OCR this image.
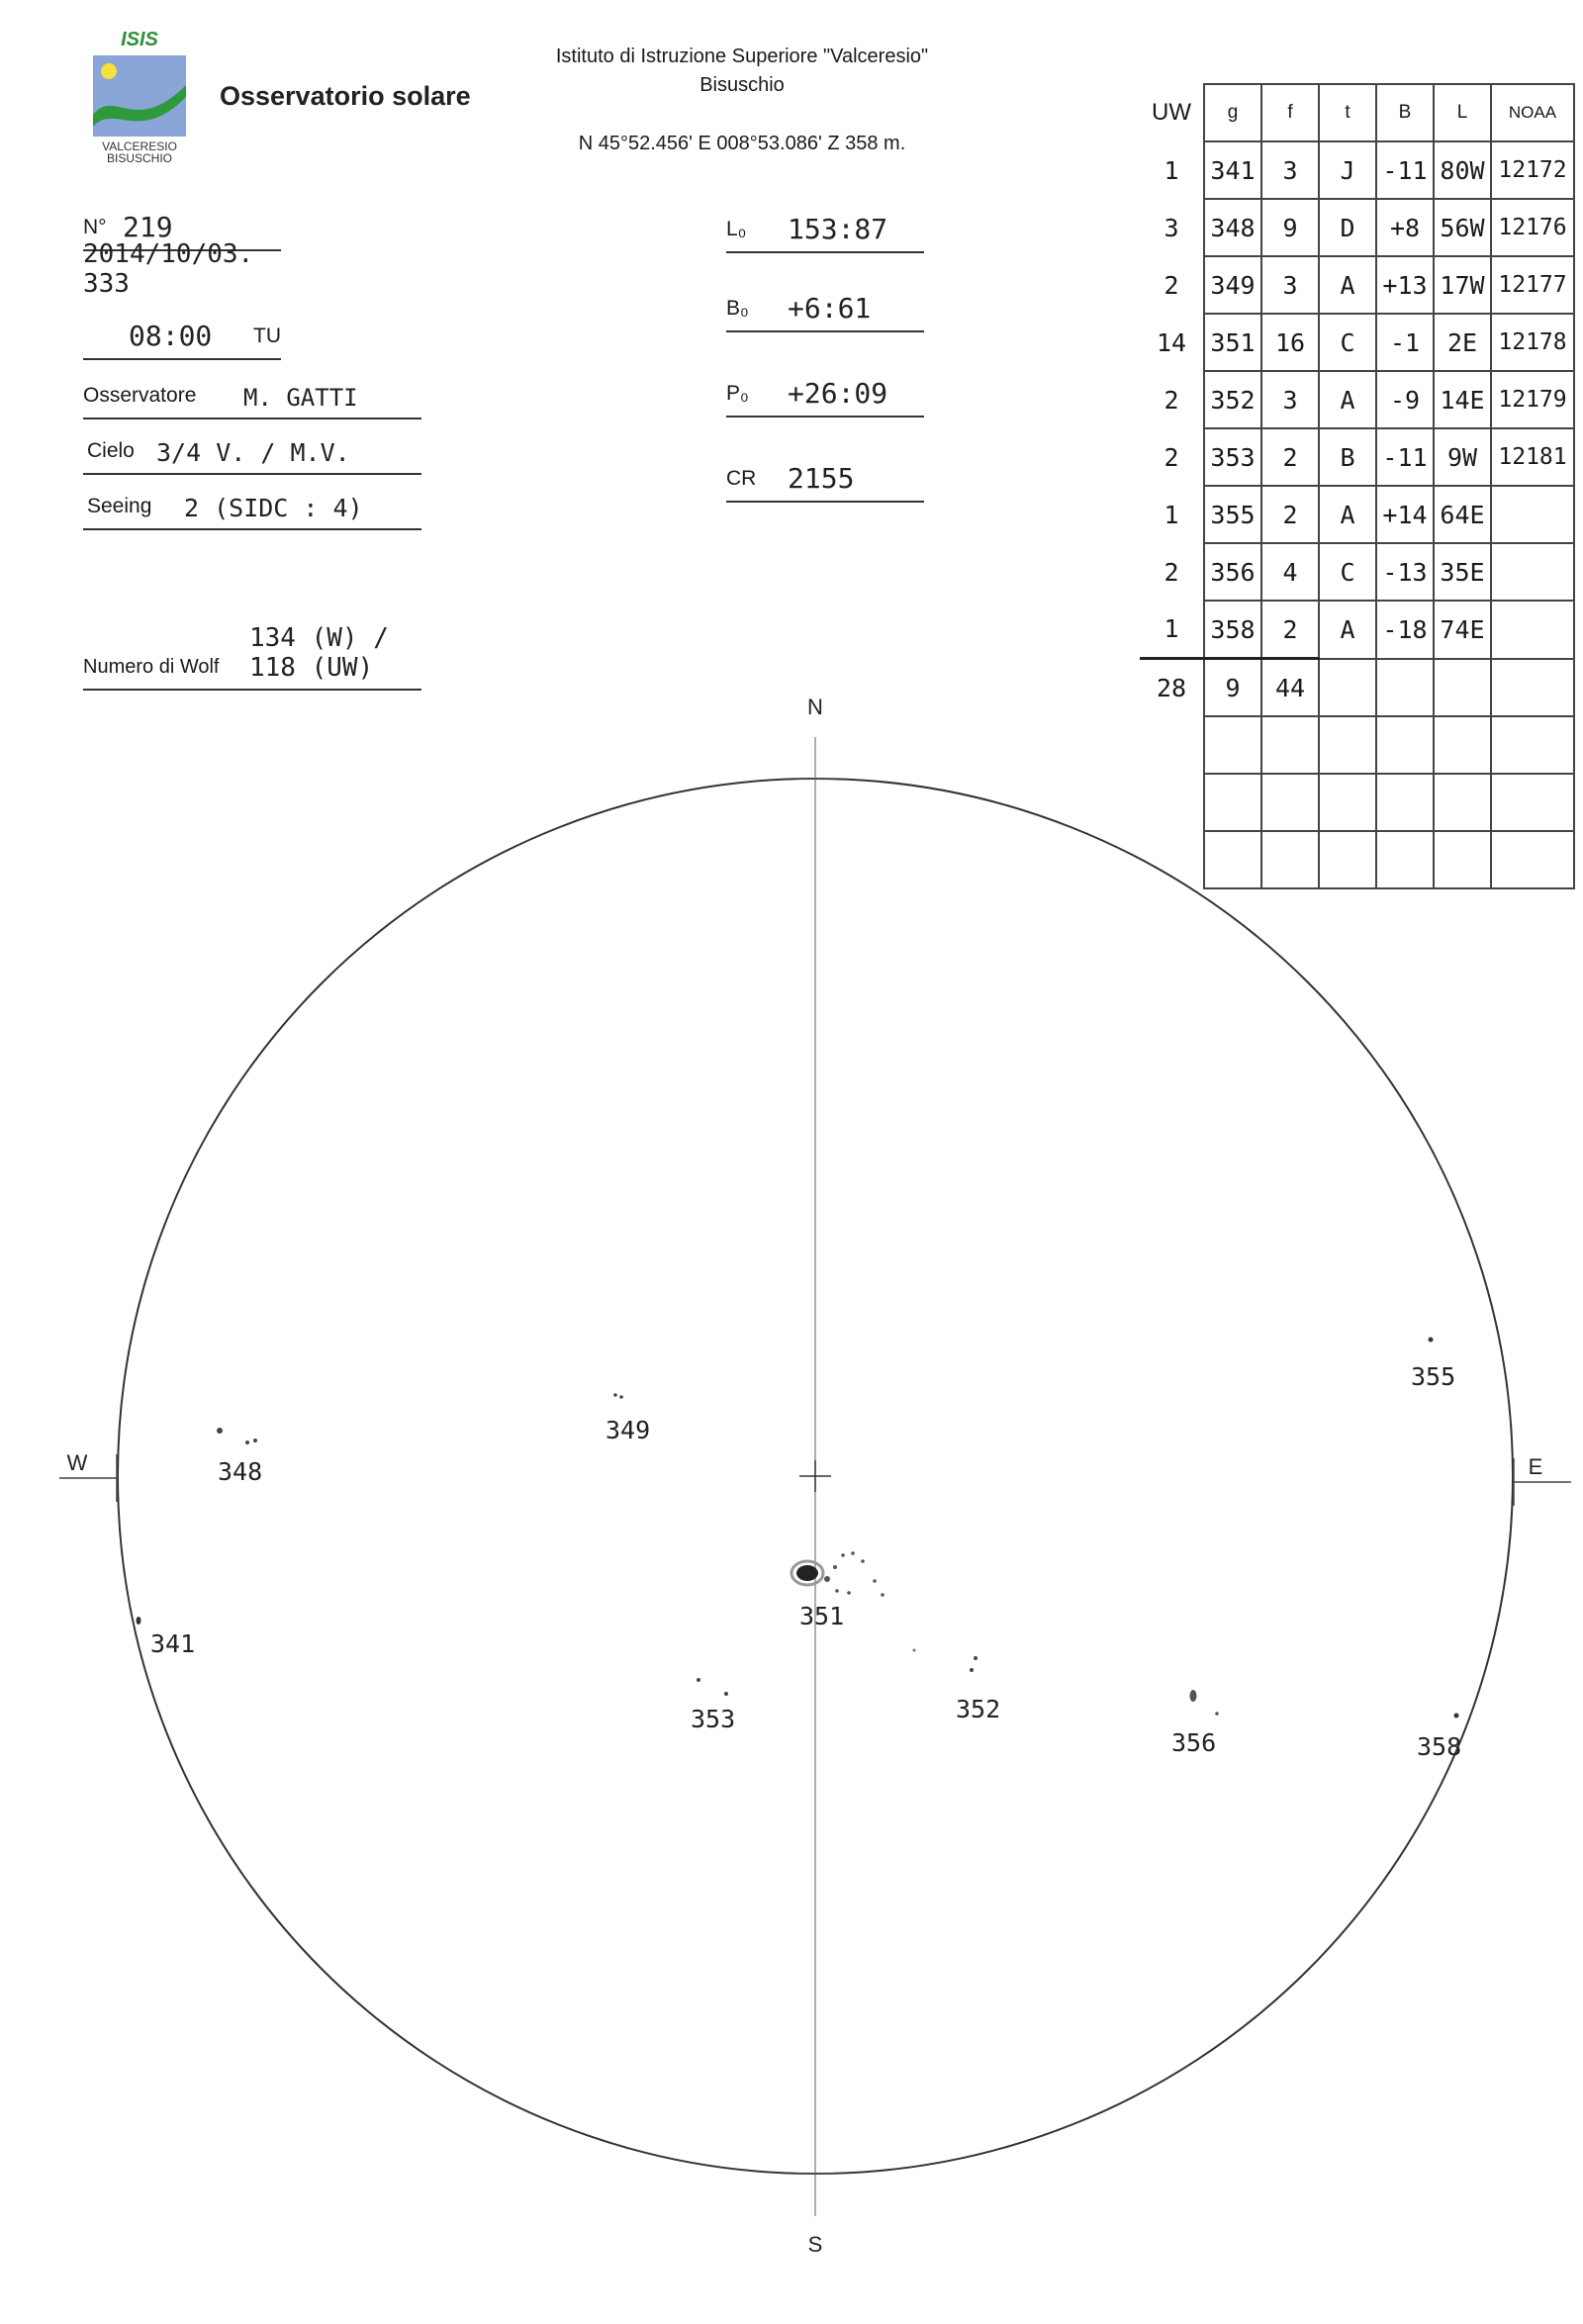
ISIS
VALCERESIO
BISUSCHIO
Osservatorio solare
Istituto di Istruzione Superiore "Valceresio"
Bisuschio
N 45°52.456' E 008°53.086' Z 358 m.
N° 219
2014/10/03. 333
08:00 TU
Osservatore M. GATTI
Cielo 3/4 V. / M.V.
Seeing 2 (SIDC : 4)
Numero di Wolf
134 (W) / 118 (UW)
L₀ 153:87
B₀ +6:61
P₀ +26:09
CR 2155
UW	g	f	t	B	L	NOAA
1	341	3	J	-11	80W	12172
3	348	9	D	+8	56W	12176
2	349	3	A	+13	17W	12177
14	351	16	C	-1	2E	12178
2	352	3	A	-9	14E	12179
2	353	2	B	-11	9W	12181
1	355	2	A	+14	64E	
2	356	4	C	-13	35E	
1	358	2	A	-18	74E	
28	9	44				

N
S
W	E
341
348
349
351
352
353
355
356	358
